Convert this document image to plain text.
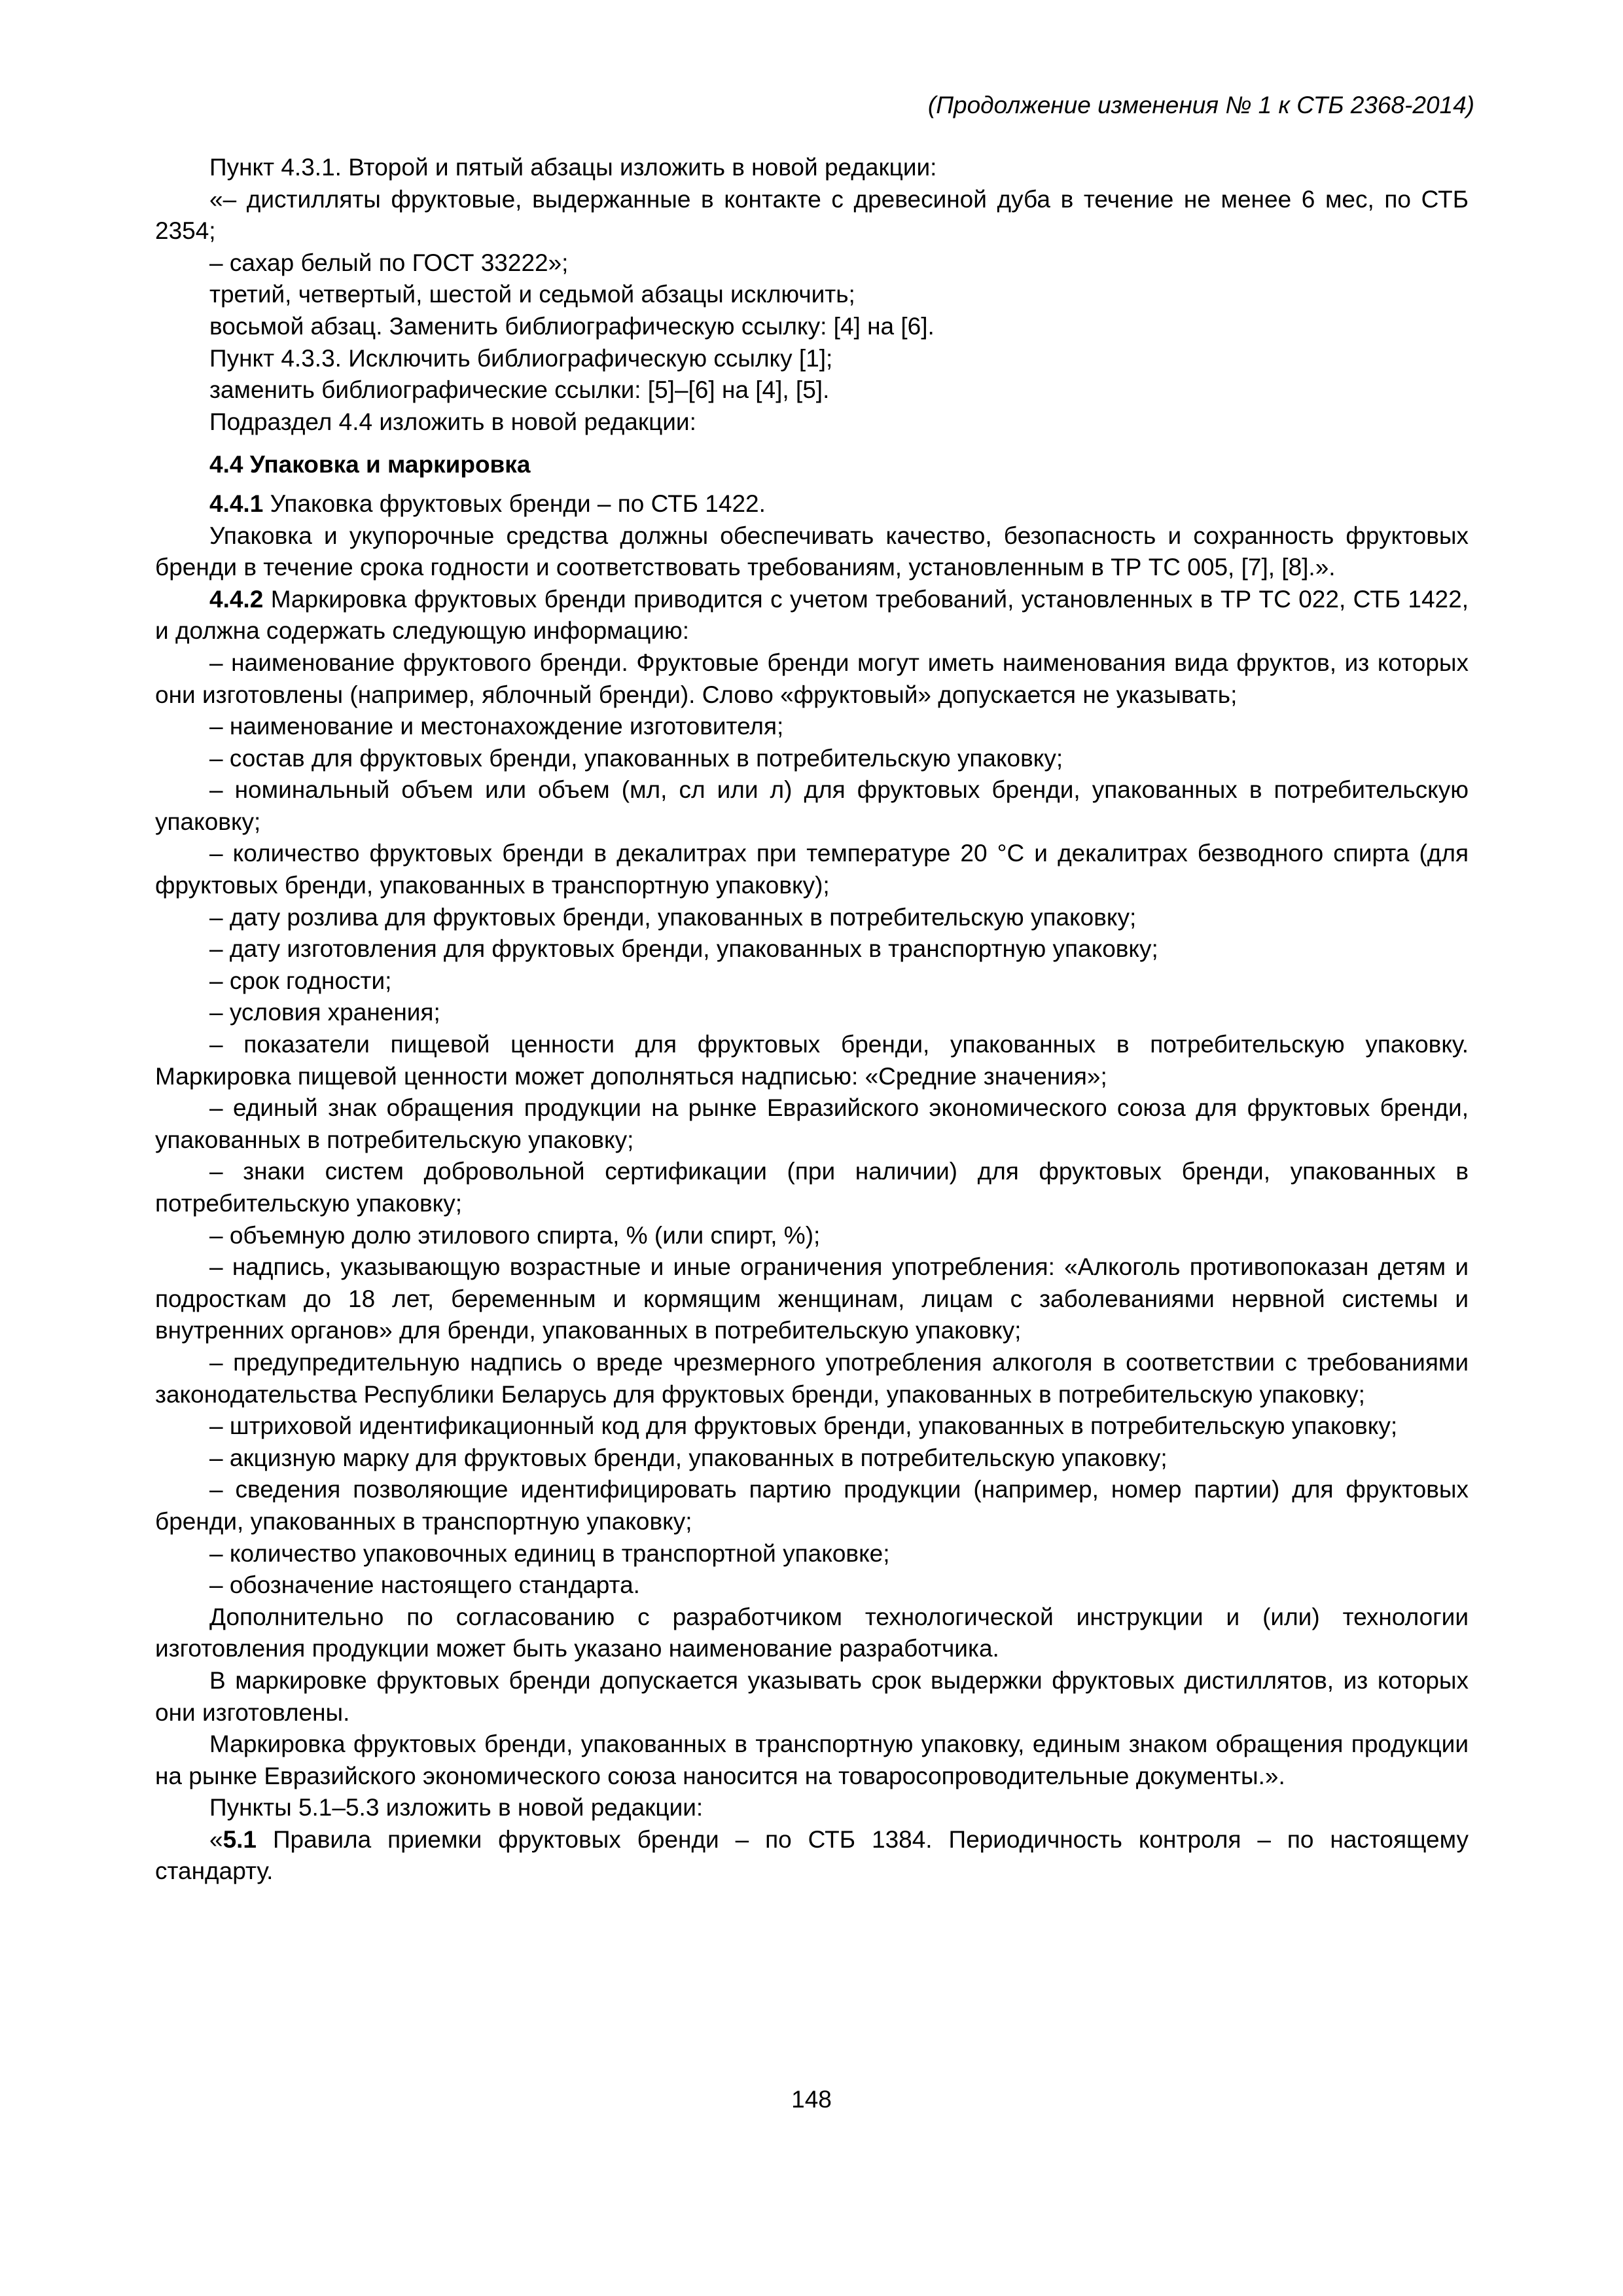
(Продолжение изменения № 1 к СТБ 2368-2014)

Пункт 4.3.1. Второй и пятый абзацы изложить в новой редакции:

«– дистилляты фруктовые, выдержанные в контакте с древесиной дуба в течение не менее 6 мес, по СТБ 2354;

– сахар белый по ГОСТ 33222»;

третий, четвертый, шестой и седьмой абзацы исключить;

восьмой абзац. Заменить библиографическую ссылку: [4] на [6].

Пункт 4.3.3. Исключить библиографическую ссылку [1];

заменить библиографические ссылки: [5]–[6] на [4], [5].

Подраздел 4.4 изложить в новой редакции:

4.4 Упаковка и маркировка

4.4.1 Упаковка фруктовых бренди – по СТБ 1422.

Упаковка и укупорочные средства должны обеспечивать качество, безопасность и сохранность фруктовых бренди в течение срока годности и соответствовать требованиям, установленным в ТР ТС 005, [7], [8].».

4.4.2 Маркировка фруктовых бренди приводится с учетом требований, установленных в ТР ТС 022, СТБ 1422, и должна содержать следующую информацию:

– наименование фруктового бренди. Фруктовые бренди могут иметь наименования вида фруктов, из которых они изготовлены (например, яблочный бренди). Слово «фруктовый» допускается не указывать;

– наименование и местонахождение изготовителя;

– состав для фруктовых бренди, упакованных в потребительскую упаковку;

– номинальный объем или объем (мл, сл или л) для фруктовых бренди, упакованных в потребительскую упаковку;

– количество фруктовых бренди в декалитрах при температуре 20 °С и декалитрах безводного спирта (для фруктовых бренди, упакованных в транспортную упаковку);

– дату розлива для фруктовых бренди, упакованных в потребительскую упаковку;

– дату изготовления для фруктовых бренди, упакованных в транспортную упаковку;

– срок годности;

– условия хранения;

– показатели пищевой ценности для фруктовых бренди, упакованных в потребительскую упаковку. Маркировка пищевой ценности может дополняться надписью: «Средние значения»;

– единый знак обращения продукции на рынке Евразийского экономического союза для фруктовых бренди, упакованных в потребительскую упаковку;

– знаки систем добровольной сертификации (при наличии) для фруктовых бренди, упакованных в потребительскую упаковку;

– объемную долю этилового спирта, % (или спирт, %);

– надпись, указывающую возрастные и иные ограничения употребления: «Алкоголь противопоказан детям и подросткам до 18 лет, беременным и кормящим женщинам, лицам с заболеваниями нервной системы и внутренних органов» для бренди, упакованных в потребительскую упаковку;

– предупредительную надпись о вреде чрезмерного употребления алкоголя в соответствии с требованиями законодательства Республики Беларусь для фруктовых бренди, упакованных в потребительскую упаковку;

– штриховой идентификационный код для фруктовых бренди, упакованных в потребительскую упаковку;

– акцизную марку для фруктовых бренди, упакованных в потребительскую упаковку;

– сведения позволяющие идентифицировать партию продукции (например, номер партии) для фруктовых бренди, упакованных в транспортную упаковку;

– количество упаковочных единиц в транспортной упаковке;

– обозначение настоящего стандарта.

Дополнительно по согласованию с разработчиком технологической инструкции и (или) технологии изготовления продукции может быть указано наименование разработчика.

В маркировке фруктовых бренди допускается указывать срок выдержки фруктовых дистиллятов, из которых они изготовлены.

Маркировка фруктовых бренди, упакованных в транспортную упаковку, единым знаком обращения продукции на рынке Евразийского экономического союза наносится на товаросопроводительные документы.».

Пункты 5.1–5.3 изложить в новой редакции:

«5.1 Правила приемки фруктовых бренди – по СТБ 1384. Периодичность контроля – по настоящему стандарту.

148
